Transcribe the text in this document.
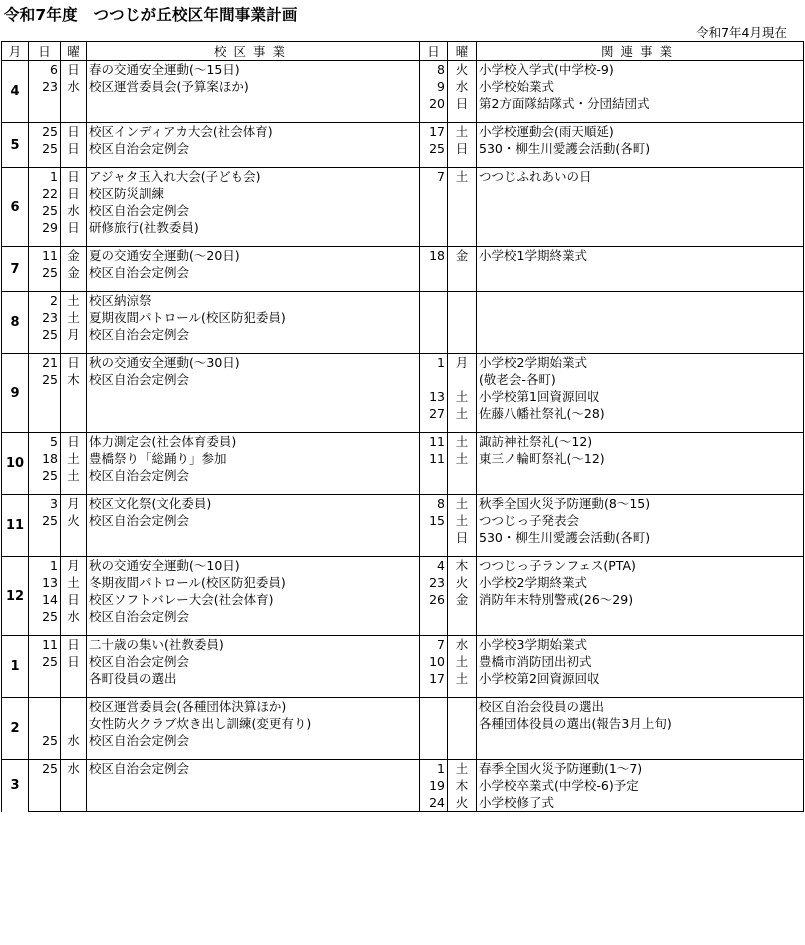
令和7年度　つつじが丘校区年間事業計画
令和7年4月現在
月	日	曜	校区事業	日	曜	関連事業
4	6	日	春の交通安全運動(～15日)	8	火	小学校入学式(中学校-9)
	23	水	校区運営委員会(予算案ほか)	9	水	小学校始業式
				20	日	第2方面隊結隊式・分団結団式

5	25	日	校区インディアカ大会(社会体育)	17	土	小学校運動会(雨天順延)
	25	日	校区自治会定例会	25	日	530・柳生川愛護会活動(各町)

6	1	日	アジャタ玉入れ大会(子ども会)	7	土	つつじふれあいの日
	22	日	校区防災訓練			
	25	水	校区自治会定例会			
	29	日	研修旅行(社教委員)			

7	11	金	夏の交通安全運動(～20日)	18	金	小学校1学期終業式
	25	金	校区自治会定例会			

8	2	土	校区納涼祭			
	23	土	夏期夜間パトロール(校区防犯委員)			
	25	月	校区自治会定例会			

9	21	日	秋の交通安全運動(～30日)	1	月	小学校2学期始業式
	25	木	校区自治会定例会			(敬老会-各町)
				13	土	小学校第1回資源回収
				27	土	佐藤八幡社祭礼(～28)

10	5	日	体力測定会(社会体育委員)	11	土	諏訪神社祭礼(～12)
	18	土	豊橋祭り「総踊り」参加	11	土	東三ノ輪町祭礼(～12)
	25	土	校区自治会定例会			

11	3	月	校区文化祭(文化委員)	8	土	秋季全国火災予防運動(8～15)
	25	火	校区自治会定例会	15	土	つつじっ子発表会
					日	530・柳生川愛護会活動(各町)

12	1	月	秋の交通安全運動(～10日)	4	木	つつじっ子ランフェス(PTA)
	13	土	冬期夜間パトロール(校区防犯委員)	23	火	小学校2学期終業式
	14	日	校区ソフトバレー大会(社会体育)	26	金	消防年末特別警戒(26～29)
	25	水	校区自治会定例会			

1	11	日	二十歳の集い(社教委員)	7	水	小学校3学期始業式
	25	日	校区自治会定例会	10	土	豊橋市消防団出初式
			各町役員の選出	17	土	小学校第2回資源回収

2			校区運営委員会(各種団体決算ほか)			校区自治会役員の選出
			女性防火クラブ炊き出し訓練(変更有り)			各種団体役員の選出(報告3月上旬)
	25	水	校区自治会定例会			

3	25	水	校区自治会定例会	1	土	春季全国火災予防運動(1～7)
				19	木	小学校卒業式(中学校-6)予定
				24	火	小学校修了式
